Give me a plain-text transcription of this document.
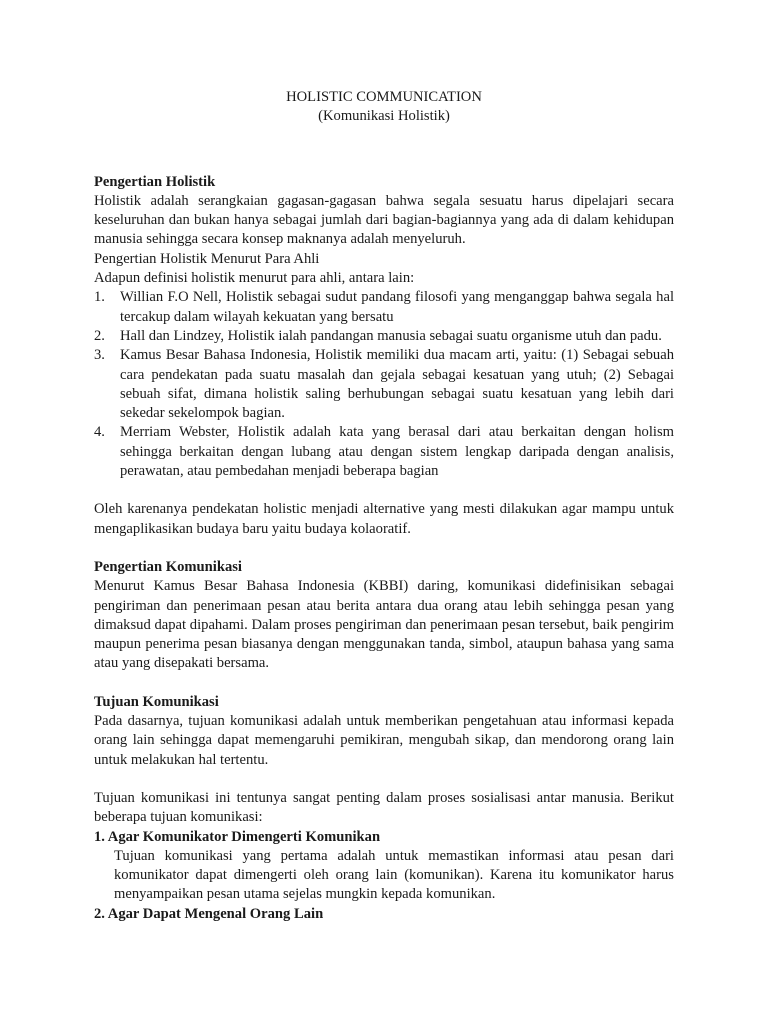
HOLISTIC COMMUNICATION

(Komunikasi Holistik)

Pengertian Holistik

Holistik adalah serangkaian gagasan-gagasan bahwa segala sesuatu harus dipelajari secara keseluruhan dan bukan hanya sebagai jumlah dari bagian-bagiannya yang ada di dalam kehidupan manusia sehingga secara konsep maknanya adalah menyeluruh.

Pengertian Holistik Menurut Para Ahli

Adapun definisi holistik menurut para ahli, antara lain:

1. Willian F.O Nell, Holistik sebagai sudut pandang filosofi yang menganggap bahwa segala hal tercakup dalam wilayah kekuatan yang bersatu
2. Hall dan Lindzey, Holistik ialah pandangan manusia sebagai suatu organisme utuh dan padu.
3. Kamus Besar Bahasa Indonesia, Holistik memiliki dua macam arti, yaitu: (1) Sebagai sebuah cara pendekatan pada suatu masalah dan gejala sebagai kesatuan yang utuh; (2) Sebagai sebuah sifat, dimana holistik saling berhubungan sebagai suatu kesatuan yang lebih dari sekedar sekelompok bagian.
4. Merriam Webster, Holistik adalah kata yang berasal dari atau berkaitan dengan holism sehingga berkaitan dengan lubang atau dengan sistem lengkap daripada dengan analisis, perawatan, atau pembedahan menjadi beberapa bagian

Oleh karenanya pendekatan holistic menjadi alternative yang mesti dilakukan agar mampu untuk mengaplikasikan budaya baru yaitu budaya kolaoratif.

Pengertian Komunikasi

Menurut Kamus Besar Bahasa Indonesia (KBBI) daring, komunikasi didefinisikan sebagai pengiriman dan penerimaan pesan atau berita antara dua orang atau lebih sehingga pesan yang dimaksud dapat dipahami. Dalam proses pengiriman dan penerimaan pesan tersebut, baik pengirim maupun penerima pesan biasanya dengan menggunakan tanda, simbol, ataupun bahasa yang sama atau yang disepakati bersama.

Tujuan Komunikasi

Pada dasarnya, tujuan komunikasi adalah untuk memberikan pengetahuan atau informasi kepada orang lain sehingga dapat memengaruhi pemikiran, mengubah sikap, dan mendorong orang lain untuk melakukan hal tertentu.

Tujuan komunikasi ini tentunya sangat penting dalam proses sosialisasi antar manusia. Berikut beberapa tujuan komunikasi:

1. Agar Komunikator Dimengerti Komunikan

Tujuan komunikasi yang pertama adalah untuk memastikan informasi atau pesan dari komunikator dapat dimengerti oleh orang lain (komunikan). Karena itu komunikator harus menyampaikan pesan utama sejelas mungkin kepada komunikan.

2. Agar Dapat Mengenal Orang Lain
